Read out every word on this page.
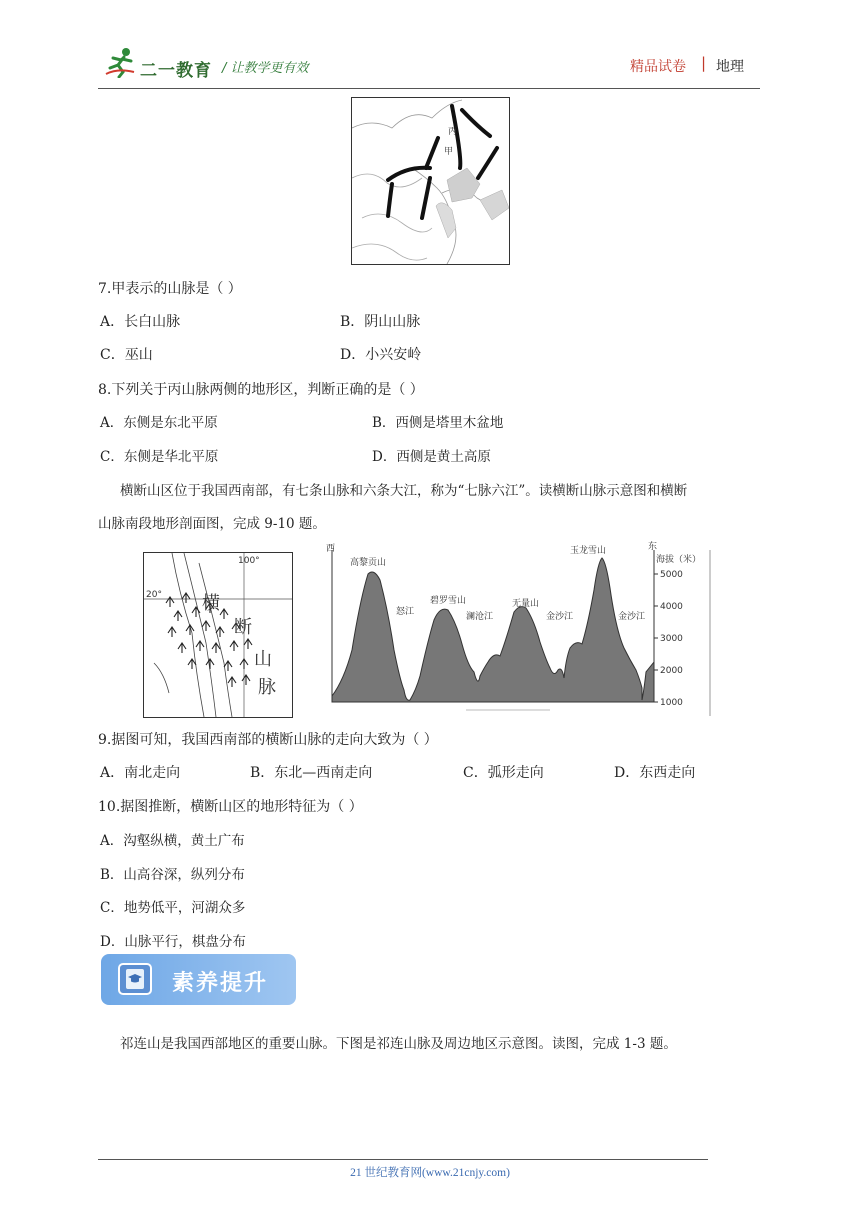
二一教育 / 让教学更有效	精品试卷 | 地理
丙
甲
7.甲表示的山脉是（ ）
A．长白山脉	B．阴山山脉
C．巫山	D．小兴安岭
8.下列关于丙山脉两侧的地形区，判断正确的是（ ）
A．东侧是东北平原	B．西侧是塔里木盆地
C．东侧是华北平原	D．西侧是黄土高原
横断山区位于我国西南部，有七条山脉和六条大江，称为“七脉六江”。读横断山脉示意图和横断
山脉南段地形剖面图，完成 9-10 题。
100°
20° 横
断
山
脉
西	东
海拔（米）
5000
4000
3000
2000
1000
高黎贡山
碧罗雪山	无量山
玉龙雪山
怒江	澜沧江	金沙江	金沙江
9.据图可知，我国西南部的横断山脉的走向大致为（ ）
A．南北走向	B．东北—西南走向	C．弧形走向	D．东西走向
10.据图推断，横断山区的地形特征为（ ）
A．沟壑纵横，黄土广布
B．山高谷深，纵列分布
C．地势低平，河湖众多
D．山脉平行，棋盘分布
素养提升
祁连山是我国西部地区的重要山脉。下图是祁连山脉及周边地区示意图。读图，完成 1-3 题。
21 世纪教育网(www.21cnjy.com)
